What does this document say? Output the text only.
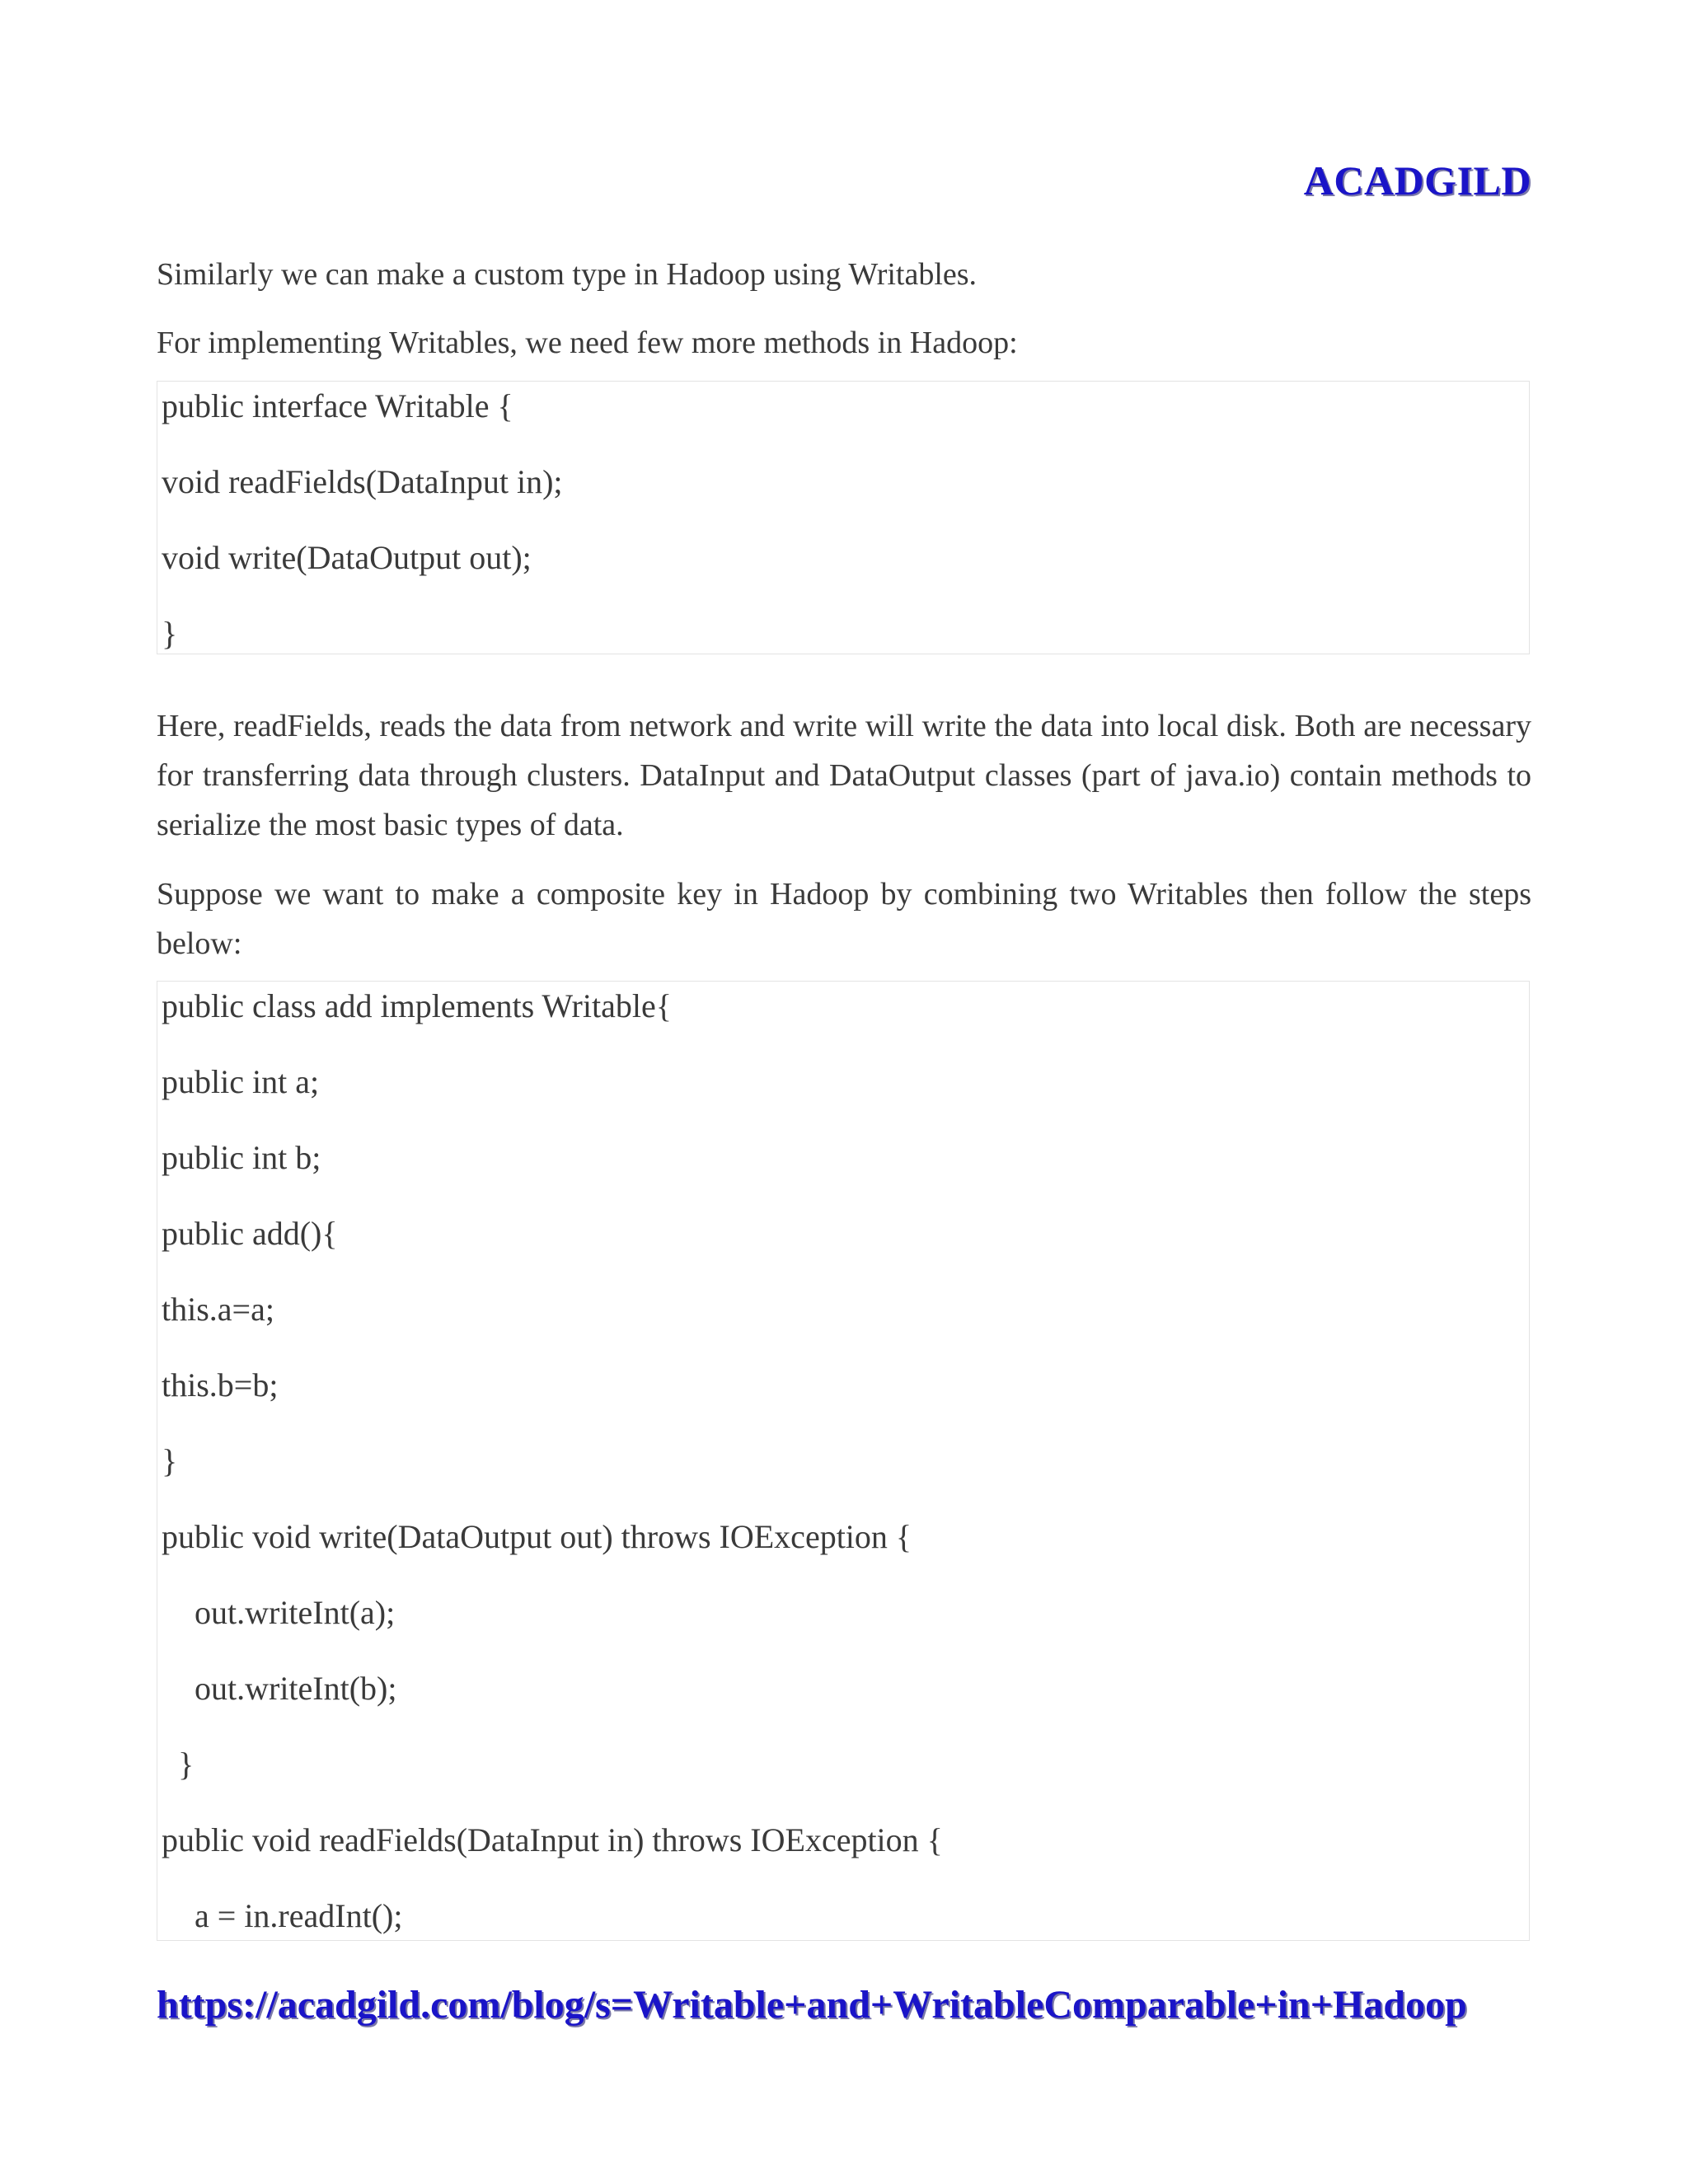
ACADGILD

Similarly we can make a custom type in Hadoop using Writables.

For implementing Writables, we need few more methods in Hadoop:

public interface Writable {
void readFields(DataInput in);
void write(DataOutput out);
}

Here, readFields, reads the data from network and write will write the data into local disk. Both are necessary for transferring data through clusters. DataInput and DataOutput classes (part of java.io) contain methods to serialize the most basic types of data.

Suppose we want to make a composite key in Hadoop by combining two Writables then follow the steps below:

public class add implements Writable{
public int a;
public int b;
public add(){
this.a=a;
this.b=b;
}
public void write(DataOutput out) throws IOException {
out.writeInt(a);
out.writeInt(b);
}
public void readFields(DataInput in) throws IOException {
a = in.readInt();
https://acadgild.com/blog/s=Writable+and+WritableComparable+in+Hadoop
